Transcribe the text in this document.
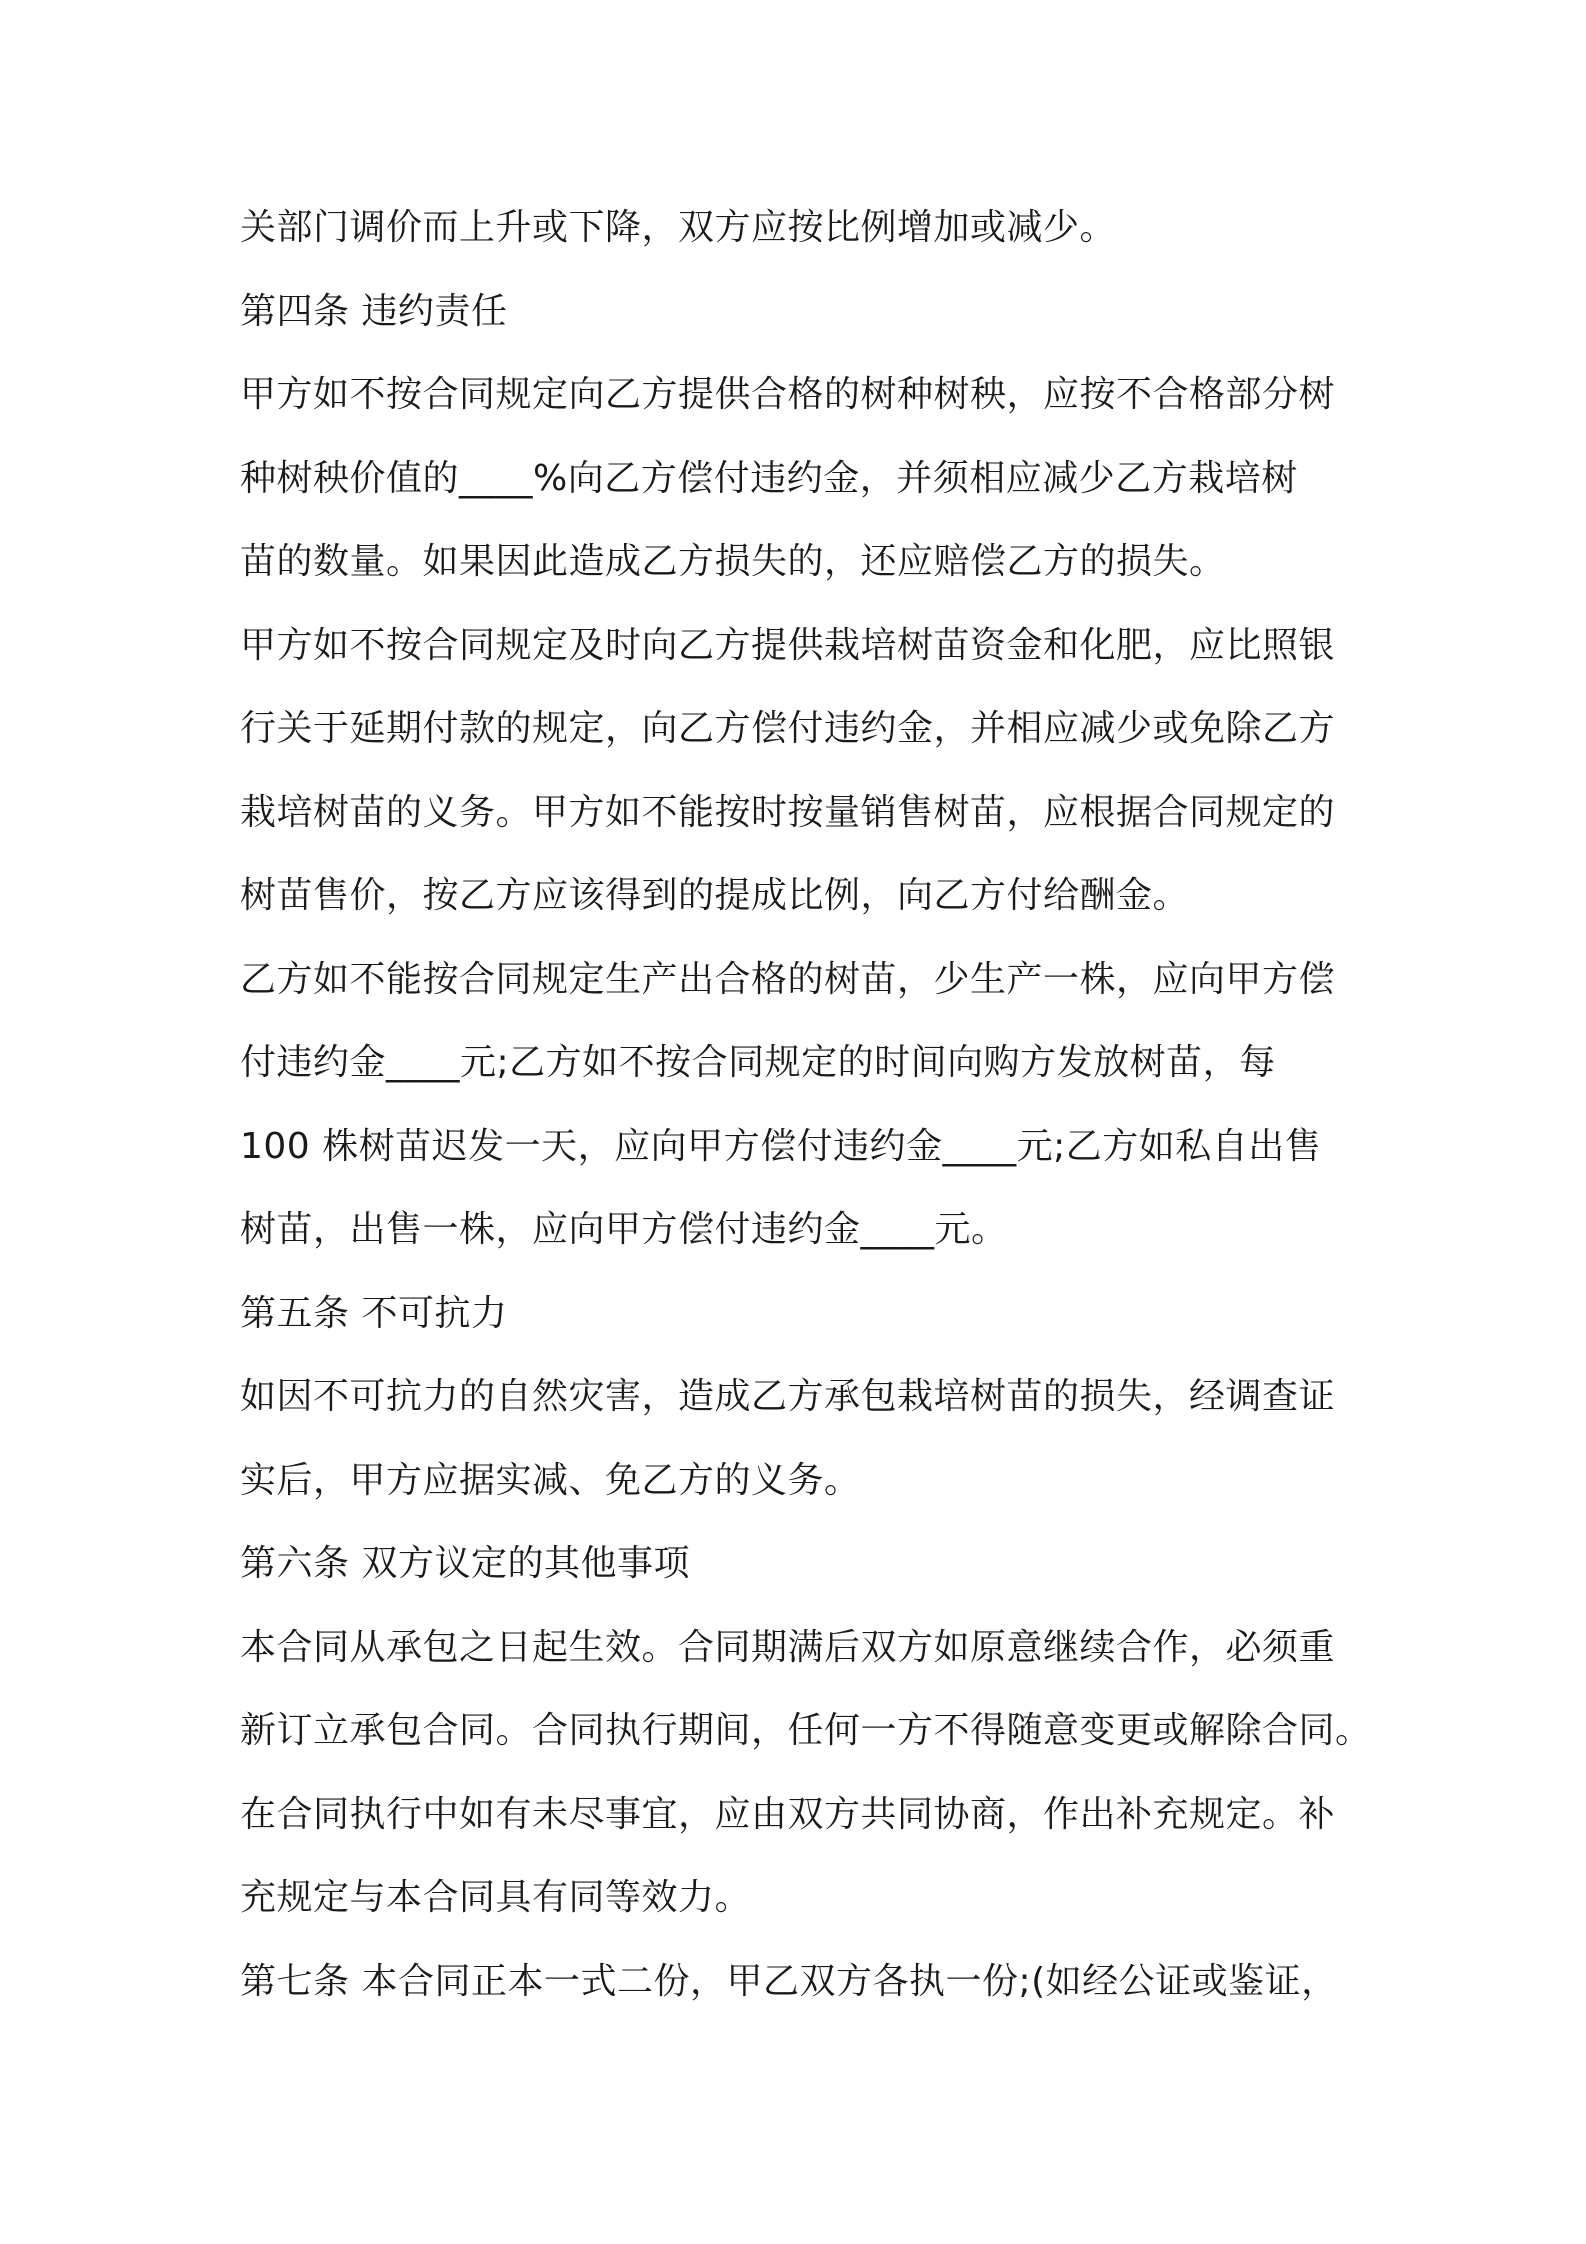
关部门调价而上升或下降，双方应按比例增加或减少。
第四条 违约责任
甲方如不按合同规定向乙方提供合格的树种树秧，应按不合格部分树
种树秧价值的____%向乙方偿付违约金，并须相应减少乙方栽培树
苗的数量。如果因此造成乙方损失的，还应赔偿乙方的损失。
甲方如不按合同规定及时向乙方提供栽培树苗资金和化肥，应比照银
行关于延期付款的规定，向乙方偿付违约金，并相应减少或免除乙方
栽培树苗的义务。甲方如不能按时按量销售树苗，应根据合同规定的
树苗售价，按乙方应该得到的提成比例，向乙方付给酬金。
乙方如不能按合同规定生产出合格的树苗，少生产一株，应向甲方偿
付违约金____元;乙方如不按合同规定的时间向购方发放树苗，每
100 株树苗迟发一天，应向甲方偿付违约金____元;乙方如私自出售
树苗，出售一株，应向甲方偿付违约金____元。
第五条 不可抗力
如因不可抗力的自然灾害，造成乙方承包栽培树苗的损失，经调查证
实后，甲方应据实减、免乙方的义务。
第六条 双方议定的其他事项
本合同从承包之日起生效。合同期满后双方如原意继续合作，必须重
新订立承包合同。合同执行期间，任何一方不得随意变更或解除合同。
在合同执行中如有未尽事宜，应由双方共同协商，作出补充规定。补
充规定与本合同具有同等效力。
第七条 本合同正本一式二份，甲乙双方各执一份;(如经公证或鉴证，
